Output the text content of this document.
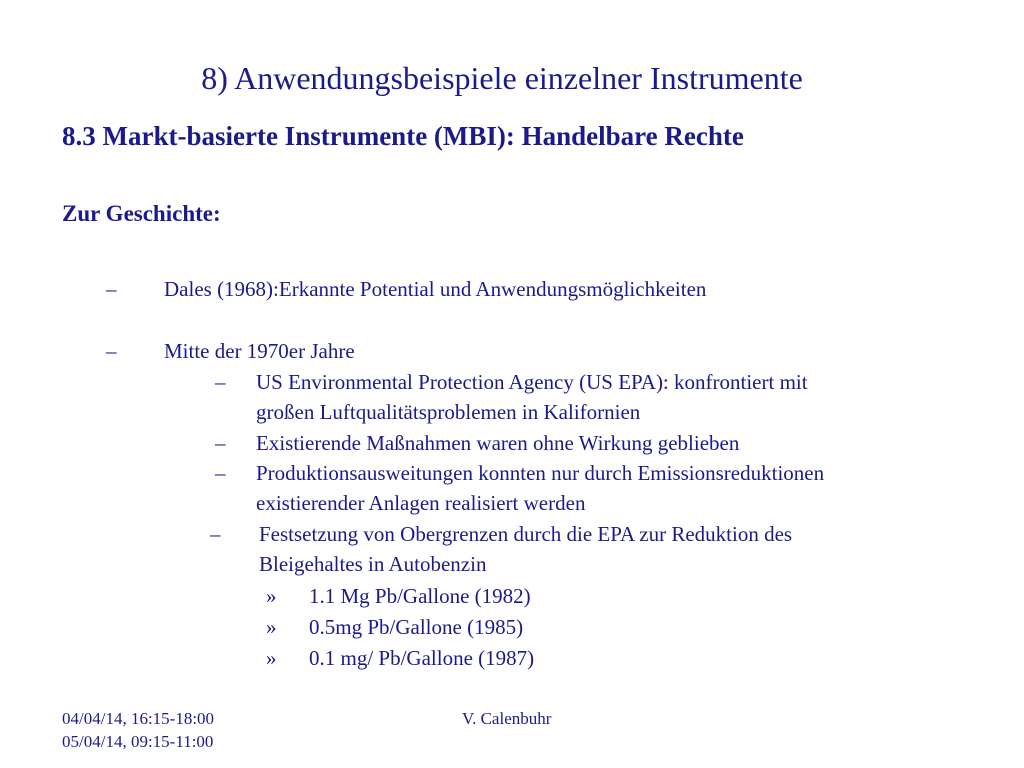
8) Anwendungsbeispiele einzelner Instrumente
8.3 Markt-basierte Instrumente (MBI): Handelbare Rechte
Zur Geschichte:
– Dales (1968):Erkannte Potential und Anwendungsmöglichkeiten
– Mitte der 1970er Jahre
– US Environmental Protection Agency (US EPA): konfrontiert mit
großen Luftqualitätsproblemen in Kalifornien
– Existierende Maßnahmen waren ohne Wirkung geblieben
– Produktionsausweitungen konnten nur durch Emissionsreduktionen
existierender Anlagen realisiert werden
– Festsetzung von Obergrenzen durch die EPA zur Reduktion des
Bleigehaltes in Autobenzin
» 1.1 Mg Pb/Gallone (1982)
» 0.5mg Pb/Gallone (1985)
» 0.1 mg/ Pb/Gallone (1987)
04/04/14, 16:15-18:00
05/04/14, 09:15-11:00
V. Calenbuhr
